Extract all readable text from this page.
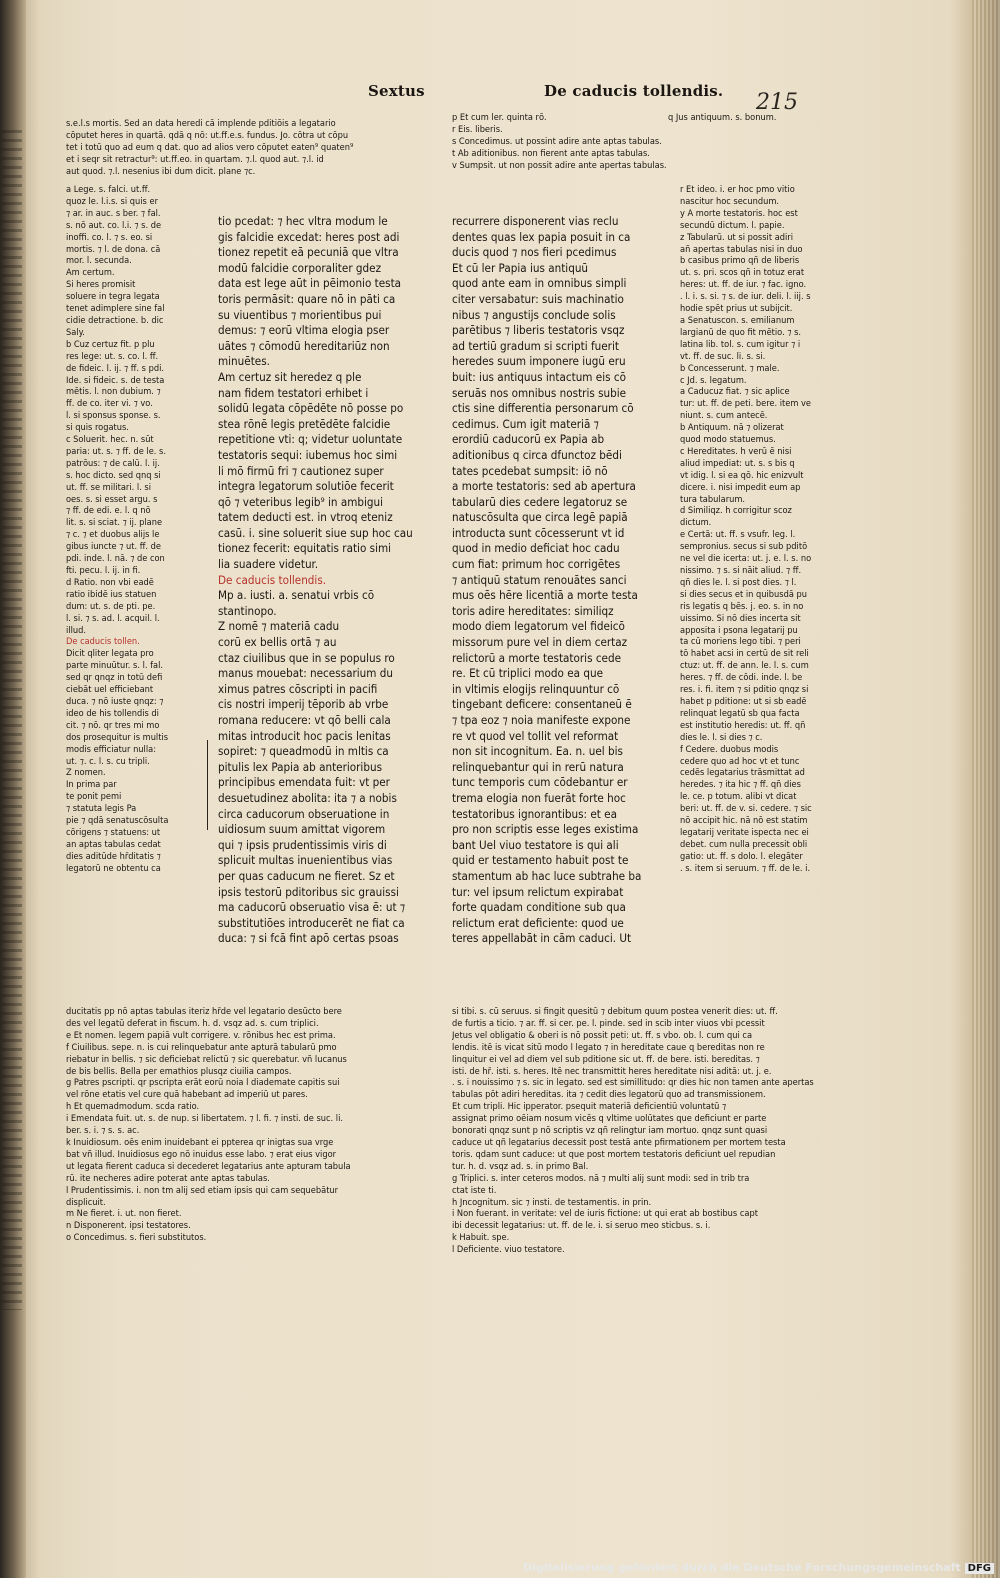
Sextus	De caducis tollendis. 215
s.e.l.s mortis. Sed an data heredi cā implende pditiōis a legatario
cōputet heres in quartā. qdā q nō: ut.ff.e.s. fundus. Jo. cōtra ut cōpu
tet i totū quo ad eum q dat. quo ad alios vero cōputet eaten⁹ quaten⁹
et i seqr sit retractur⁹: ut.ff.eo. in quartam. ⁊.l. quod aut. ⁊.l. id
aut quod. ⁊.l. nesenius ibi dum dicit. plane ⁊c.
p Et cum ler. quinta rō.
r Eis. liberis.
s Concedimus. ut possint adire ante aptas tabulas.
t Ab aditionibus. non fierent ante aptas tabulas.
v Sumpsit. ut non possit adire ante apertas tabulas.
q Jus antiquum. s. bonum.
a Lege. s. falci. ut.ff.
quoz le. l.i.s. si quis er
⁊ ar. in auc. s ber. ⁊ fal.
s. nō aut. co. l.i. ⁊ s. de
inoffi. co. l. ⁊ s. eo. si
mortis. ⁊ l. de dona. cā
mor. l. secunda.
Am certum.
Si heres promisit
soluere in tegra legata
tenet adimplere sine fal
cidie detractione. b. dic
Saly.
b Cuz certuz fit. p plu
res lege: ut. s. co. l. ff.
de fideic. l. ij. ⁊ ff. s pdi.
Ide. si fideic. s. de testa
mētis. l. non dubium. ⁊
ff. de co. iter vi. ⁊ vo.
l. si sponsus sponse. s.
si quis rogatus.
c Soluerit. hec. n. sūt
paria: ut. s. ⁊ ff. de le. s.
patrōus: ⁊ de calū. l. ij.
s. hoc dicto. sed qnq si
ut. ff. se militari. l. si
oes. s. si esset argu. s
⁊ ff. de edi. e. l. q nō
lit. s. si sciat. ⁊ ij. plane
⁊ c. ⁊ et duobus alijs le
gibus iuncte ⁊ ut. ff. de
pdi. inde. l. nā. ⁊ de con
fti. pecu. l. ij. in fi.
d Ratio. non vbi eadē
ratio ibidē ius statuen
dum: ut. s. de pti. pe.
l. si. ⁊ s. ad. l. acquil. l.
illud.
De caducis tollen.
Dicit qliter legata pro
parte minuūtur. s. l. fal.
sed qr qnqz in totū defi
ciebāt uel efficiebant
duca. ⁊ nō iuste qnqz: ⁊
ideo de his tollendis di
cit. ⁊ nō. qr tres mi mo
dos prosequitur is multis
modis efficiatur nulla:
ut. ⁊. c. l. s. cu tripli.
Z nomen.
In prima par
te ponit pemi
⁊ statuta legis Pa
pie ⁊ qdā senatuscōsulta
cōrigens ⁊ statuens: ut
an aptas tabulas cedat
dies aditūde hr̄ditatis ⁊
legatorū ne obtentu ca
tio pcedat: ⁊ hec vltra modum le
gis falcidie excedat: heres post adi
tionez repetit eā pecuniā que vltra
modū falcidie corporaliter gdez
data est lege aūt in pēimonio testa
toris permāsit: quare nō in pāti ca
su viuentibus ⁊ morientibus pui
demus: ⁊ eorū vltima elogia pser
uātes ⁊ cōmodū hereditariūz non
minuētes.
Am certuz sit heredez q ple
nam fidem testatori erhibet i
solidū legata cōpēdēte nō posse po
stea rōnē legis pretēdēte falcidie
repetitione vti: q; videtur uoluntate
testatoris sequi: iubemus hoc simi
li mō firmū fri ⁊ cautionez super
integra legatorum solutiōe fecerit
qō ⁊ veteribus legib⁹ in ambigui
tatem deducti est. in vtroq eteniz
casū. i. sine soluerit siue sup hoc cau
tionez fecerit: equitatis ratio simi
lia suadere videtur.
De caducis tollendis.
Mp a. iusti. a. senatui vrbis cō
stantinopo.
Z nomē ⁊ materiā cadu
corū ex bellis ortā ⁊ au
ctaz ciuilibus que in se populus ro
manus mouebat: necessarium du
ximus patres cōscripti in pacifi
cis nostri imperij tēporib ab vrbe
romana reducere: vt qō belli cala
mitas introducit hoc pacis lenitas
sopiret: ⁊ queadmodū in mltis ca
pitulis lex Papia ab anterioribus
principibus emendata fuit: vt per
desuetudinez abolita: ita ⁊ a nobis
circa caducorum obseruatione in
uidiosum suum amittat vigorem
qui ⁊ ipsis prudentissimis viris di
splicuit multas inuenientibus vias
per quas caducum ne fieret. Sz et
ipsis testorū pditoribus sic grauissi
ma caducorū obseruatio visa ē: ut ⁊
substitutiōes introducerēt ne fiat ca
duca: ⁊ si fcā fint apō certas psoas
recurrere disponerent vias reclu
dentes quas lex papia posuit in ca
ducis quod ⁊ nos fieri pcedimus
Et cū ler Papia ius antiquū
quod ante eam in omnibus simpli
citer versabatur: suis machinatio
nibus ⁊ angustijs conclude solis
parētibus ⁊ liberis testatoris vsqz
ad tertiū gradum si scripti fuerit
heredes suum imponere iugū eru
buit: ius antiquus intactum eis cō
seruās nos omnibus nostris subie
ctis sine differentia personarum cō
cedimus. Cum igit materiā ⁊
erordiū caducorū ex Papia ab
aditionibus q circa dfunctoz bēdi
tates pcedebat sumpsit: iō nō
a morte testatoris: sed ab apertura
tabularū dies cedere legatoruz se
natuscōsulta que circa legē papiā
introducta sunt cōcesserunt vt id
quod in medio deficiat hoc cadu
cum fiat: primum hoc corrigētes
⁊ antiquū statum renouātes sanci
mus oēs hēre licentiā a morte testa
toris adire hereditates: similiqz
modo diem legatorum vel fideicō
missorum pure vel in diem certaz
relictorū a morte testatoris cede
re. Et cū triplici modo ea que
in vltimis elogijs relinquuntur cō
tingebant deficere: consentaneū ē
⁊ tpa eoz ⁊ noia manifeste expone
re vt quod vel tollit vel reformat
non sit incognitum. Ea. n. uel bis
relinquebantur qui in rerū natura
tunc temporis cum cōdebantur er
trema elogia non fuerāt forte hoc
testatoribus ignorantibus: et ea
pro non scriptis esse leges existima
bant Uel viuo testatore is qui ali
quid er testamento habuit post te
stamentum ab hac luce subtrahe ba
tur: vel ipsum relictum expirabat
forte quadam conditione sub qua
relictum erat deficiente: quod ue
teres appellabāt in cām caduci. Ut
r Et ideo. i. er hoc pmo vitio
nascitur hoc secundum.
y A morte testatoris. hoc est
secundū dictum. l. papie.
z Tabularū. ut si possit adiri
añ apertas tabulas nisi in duo
b casibus primo qñ de liberis
ut. s. pri. scos qñ in totuz erat
heres: ut. ff. de iur. ⁊ fac. igno.
. l. i. s. si. ⁊ s. de iur. deli. l. iij. s
hodie spēt prius ut subijcit.
a Senatuscon. s. emilianum
largianū de quo fit mētio. ⁊ s.
latina lib. tol. s. cum igitur ⁊ i
vt. ff. de suc. li. s. si.
b Concesserunt. ⁊ male.
c Jd. s. legatum.
a Caducuz fiat. ⁊ sic aplice
tur: ut. ff. de peti. bere. item ve
niunt. s. cum antecē.
b Antiquum. nā ⁊ olizerat
quod modo statuemus.
c Hereditates. h verū ē nisi
aliud impediat: ut. s. s bis q
vt idig. l. si ea qō. hic enizvult
dicere. i. nisi impedit eum ap
tura tabularum.
d Similiqz. h corrigitur scoz
dictum.
e Certā: ut. ff. s vsufr. leg. l.
sempronius. secus si sub pditō
ne vel die icerta: ut. j. e. l. s. no
nissimo. ⁊ s. si nāit aliud. ⁊ ff.
qñ dies le. l. si post dies. ⁊ l.
si dies secus et in quibusdā pu
ris legatis q bēs. j. eo. s. in no
uissimo. Si nō dies incerta sit
apposita i psona legatarij pu
ta cū moriens lego tibi. ⁊ peri
tō habet acsi in certū de sit reli
ctuz: ut. ff. de ann. le. l. s. cum
heres. ⁊ ff. de cōdi. inde. l. be
res. i. fi. item ⁊ si pditio qnqz si
habet p pditione: ut si sb eadē
relinquat legatū sb qua facta
est institutio heredis: ut. ff. qñ
dies le. l. si dies ⁊ c.
f Cedere. duobus modis
cedere quo ad hoc vt et tunc
cedēs legatarius trāsmittat ad
heredes. ⁊ ita hic ⁊ ff. qñ dies
le. ce. p totum. alibi vt dicat
beri: ut. ff. de v. si. cedere. ⁊ sic
nō accipit hic. nā nō est statim
legatarij veritate ispecta nec ei
debet. cum nulla precessit obli
gatio: ut. ff. s dolo. l. elegāter
. s. item si seruum. ⁊ ff. de le. i.
ducitatis pp nō aptas tabulas iteriz hr̄de vel legatario desūcto bere
des vel legatū deferat in fiscum. h. d. vsqz ad. s. cum triplici.
e Et nomen. legem papiā vult corrigere. v. rōnibus hec est prima.
f Ciuilibus. sepe. n. is cui relinquebatur ante apturā tabularū pmo
riebatur in bellis. ⁊ sic deficiebat relictū ⁊ sic querebatur. vñ lucanus
de bis bellis. Bella per emathios plusqz ciuilia campos.
g Patres pscripti. qr pscripta erāt eorū noia l diademate capitis sui
vel rōne etatis vel cure quā habebant ad imperiū ut pares.
h Et quemadmodum. scda ratio.
i Emendata fuit. ut. s. de nup. si libertatem. ⁊ l. fi. ⁊ insti. de suc. li.
ber. s. i. ⁊ s. s. ac.
k Inuidiosum. oēs enim inuidebant ei ppterea qr inigtas sua vrge
bat vñ illud. Inuidiosus ego nō inuidus esse labo. ⁊ erat eius vigor
ut legata fierent caduca si decederet legatarius ante apturam tabula
rū. ite necheres adire poterat ante aptas tabulas.
l Prudentissimis. i. non tm alij sed etiam ipsis qui cam sequebātur
displicuit.
m Ne fieret. i. ut. non fieret.
n Disponerent. ipsi testatores.
o Concedimus. s. fieri substitutos.
si tibi. s. cū seruus. si fingit quesitū ⁊ debitum quum postea venerit dies: ut. ff.
de furtis a ticio. ⁊ ar. ff. si cer. pe. l. pinde. sed in scib inter viuos vbi pcessit
Jetus vel obligatio & oberi is nō possit peti: ut. ff. s vbo. ob. l. cum qui ca
lendis. itē is vicat sitū modo l legato ⁊ in hereditate caue q bereditas non re
linquitur ei vel ad diem vel sub pditione sic ut. ff. de bere. isti. bereditas. ⁊
isti. de hr̄. isti. s. heres. Itē nec transmittit heres hereditate nisi aditā: ut. j. e.
. s. i nouissimo ⁊ s. sic in legato. sed est simillitudo: qr dies hic non tamen ante apertas
tabulas pōt adiri hereditas. ita ⁊ cedit dies legatorū quo ad transmissionem.
Et cum tripli. Hic ipperator. psequit materiā deficientiū voluntatū ⁊
assignat primo oēiam nosum vicēs q vltime uolūtates que deficiunt er parte
bonorati qnqz sunt p nō scriptis vz qñ relingtur iam mortuo. qnqz sunt quasi
caduce ut qñ legatarius decessit post testā ante pfirmationem per mortem testa
toris. qdam sunt caduce: ut que post mortem testatoris deficiunt uel repudian
tur. h. d. vsqz ad. s. in primo Bal.
g Triplici. s. inter ceteros modos. nā ⁊ multi alij sunt modi: sed in trib tra
ctat iste ti.
h Jncognitum. sic ⁊ insti. de testamentis. in prin.
i Non fuerant. in veritate: vel de iuris fictione: ut qui erat ab bostibus capt
ibi decessit legatarius: ut. ff. de le. i. si seruo meo sticbus. s. i.
k Habuit. spe.
l Deficiente. viuo testatore.
Digitalisierung gefördert durch die Deutsche Forschungsgemeinschaft DFG
